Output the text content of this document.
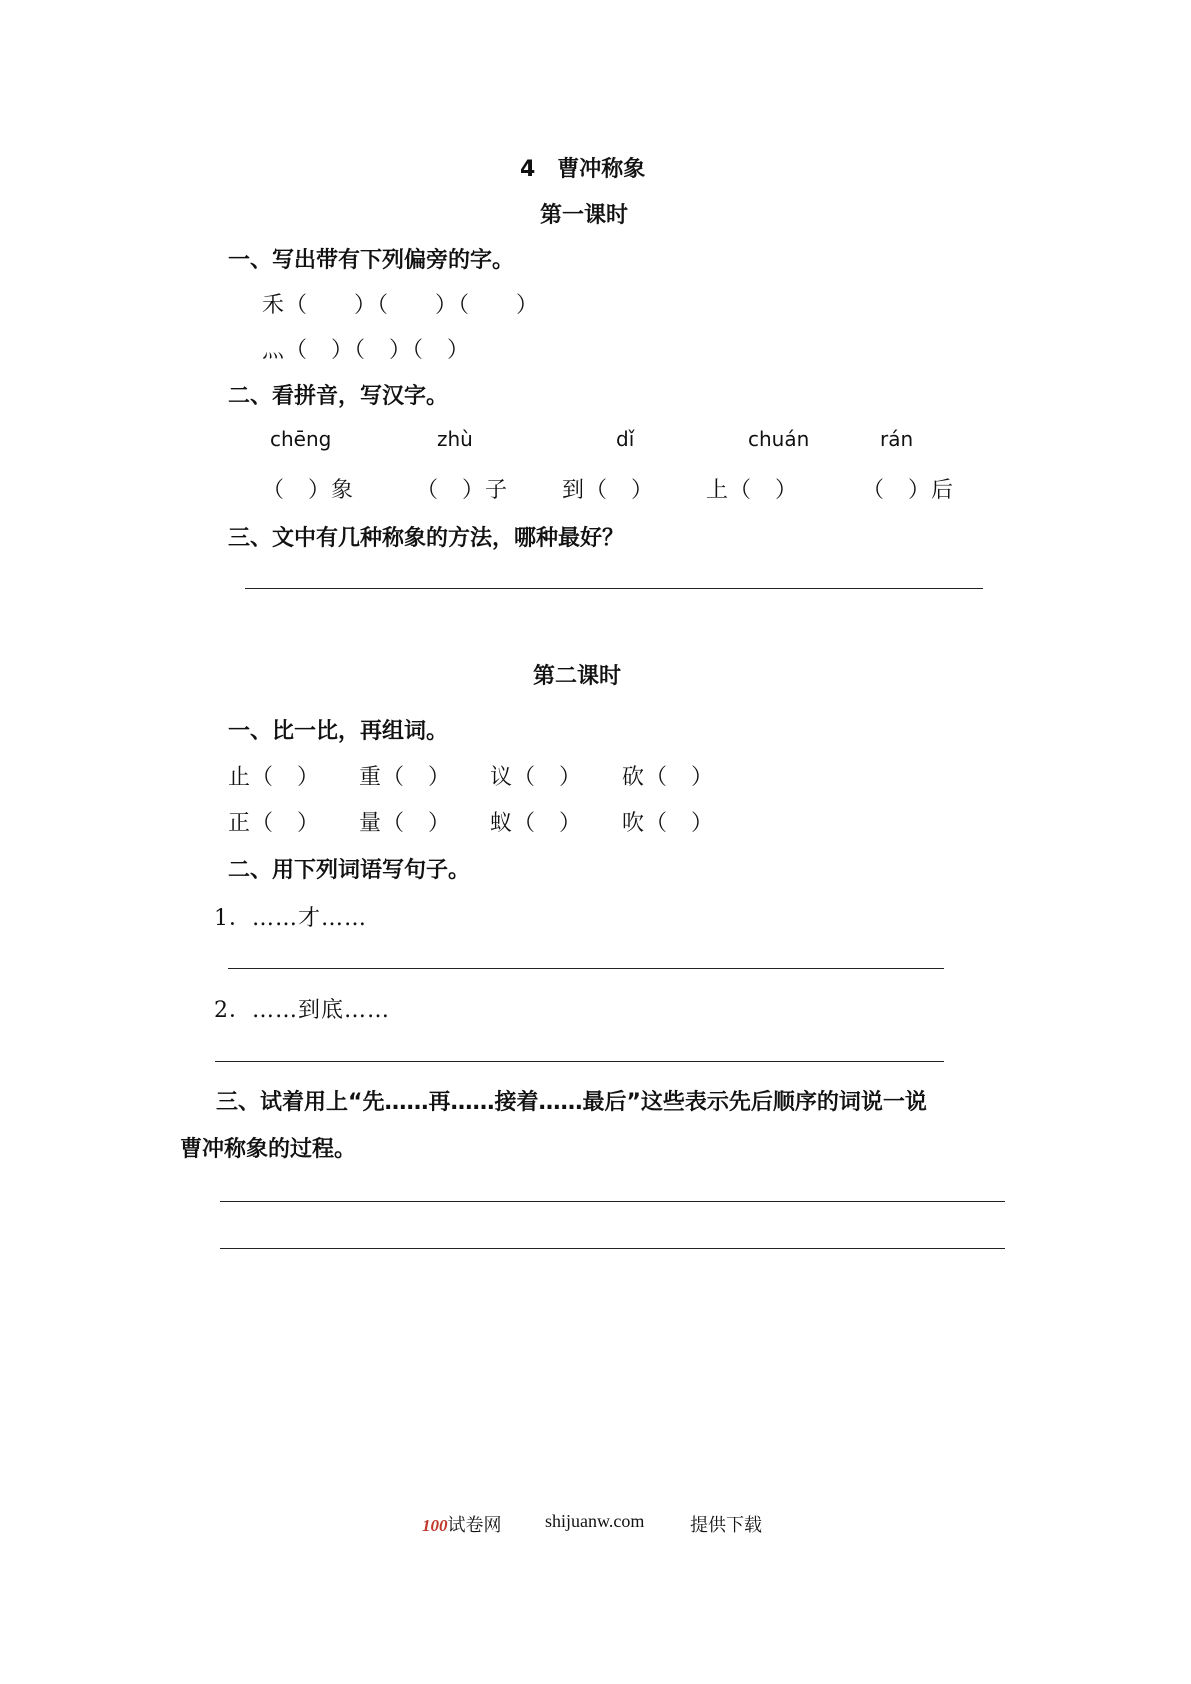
4　曹冲称象
第一课时
一、写出带有下列偏旁的字。
禾（　　）（　　）（　　）
灬（　）（　）（　）
二、看拼音，写汉字。
chēng	zhù	dǐ	chuán	rán
（　）象	（　）子 到（　） 上（　）	（　）后
三、文中有几种称象的方法，哪种最好？
第二课时
一、比一比，再组词。
止（　） 重（　） 议（　） 砍（　）
正（　） 量（　） 蚁（　） 吹（　）
二、用下列词语写句子。
1．……才……
2．……到底……
三、试着用上“先……再……接着……最后”这些表示先后顺序的词说一说
曹冲称象的过程。
100试卷网 shijuanw.com	提供下载
